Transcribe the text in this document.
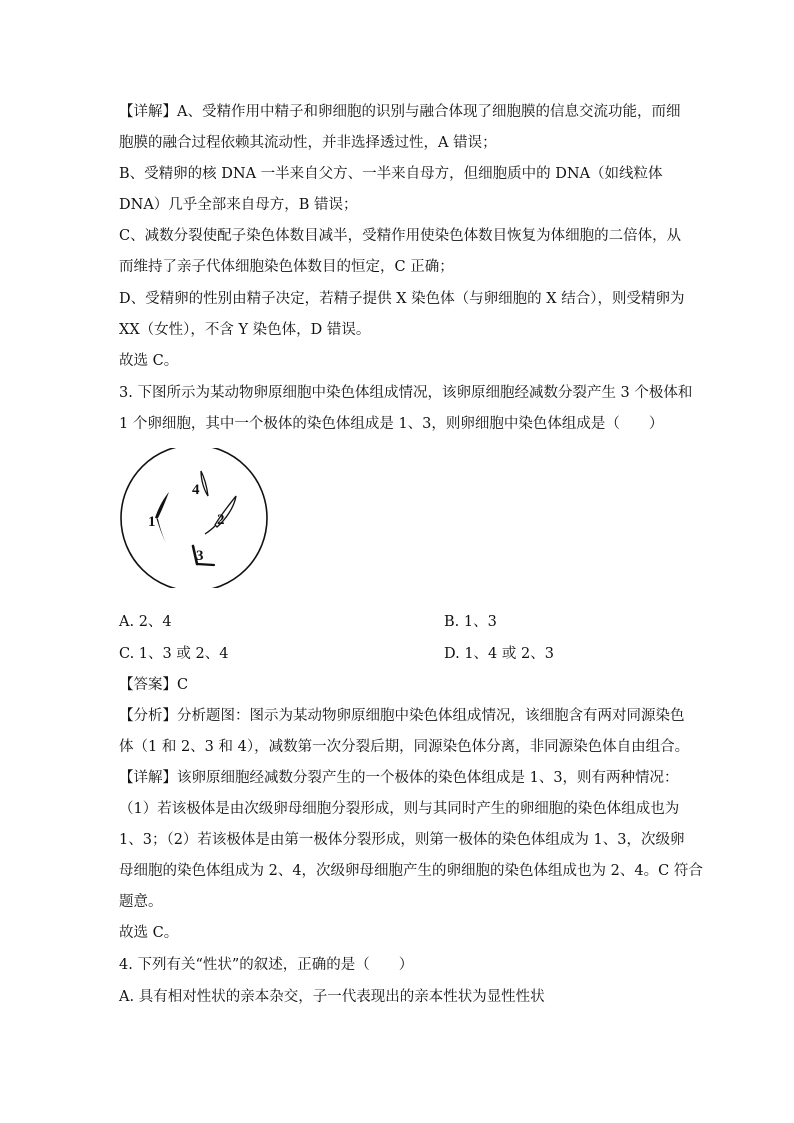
【详解】A、受精作用中精子和卵细胞的识别与融合体现了细胞膜的信息交流功能，而细
胞膜的融合过程依赖其流动性，并非选择透过性，A 错误；
B、受精卵的核 DNA 一半来自父方、一半来自母方，但细胞质中的 DNA（如线粒体
DNA）几乎全部来自母方，B 错误；
C、减数分裂使配子染色体数目减半，受精作用使染色体数目恢复为体细胞的二倍体，从
而维持了亲子代体细胞染色体数目的恒定，C 正确；
D、受精卵的性别由精子决定，若精子提供 X 染色体（与卵细胞的 X 结合），则受精卵为
XX（女性），不含 Y 染色体，D 错误。
故选 C。
3. 下图所示为某动物卵原细胞中染色体组成情况，该卵原细胞经减数分裂产生 3 个极体和
1 个卵细胞，其中一个极体的染色体组成是 1、3，则卵细胞中染色体组成是（　　）
1	2
3
4
A. 2、4	B. 1、3
C. 1、3 或 2、4	D. 1、4 或 2、3
【答案】C
【分析】分析题图：图示为某动物卵原细胞中染色体组成情况，该细胞含有两对同源染色
体（1 和 2、3 和 4），减数第一次分裂后期，同源染色体分离，非同源染色体自由组合。
【详解】该卵原细胞经减数分裂产生的一个极体的染色体组成是 1、3，则有两种情况：
（1）若该极体是由次级卵母细胞分裂形成，则与其同时产生的卵细胞的染色体组成也为
1、3；（2）若该极体是由第一极体分裂形成，则第一极体的染色体组成为 1、3，次级卵
母细胞的染色体组成为 2、4，次级卵母细胞产生的卵细胞的染色体组成也为 2、4。C 符合
题意。
故选 C。
4. 下列有关“性状”的叙述，正确的是（　　）
A. 具有相对性状的亲本杂交，子一代表现出的亲本性状为显性性状
